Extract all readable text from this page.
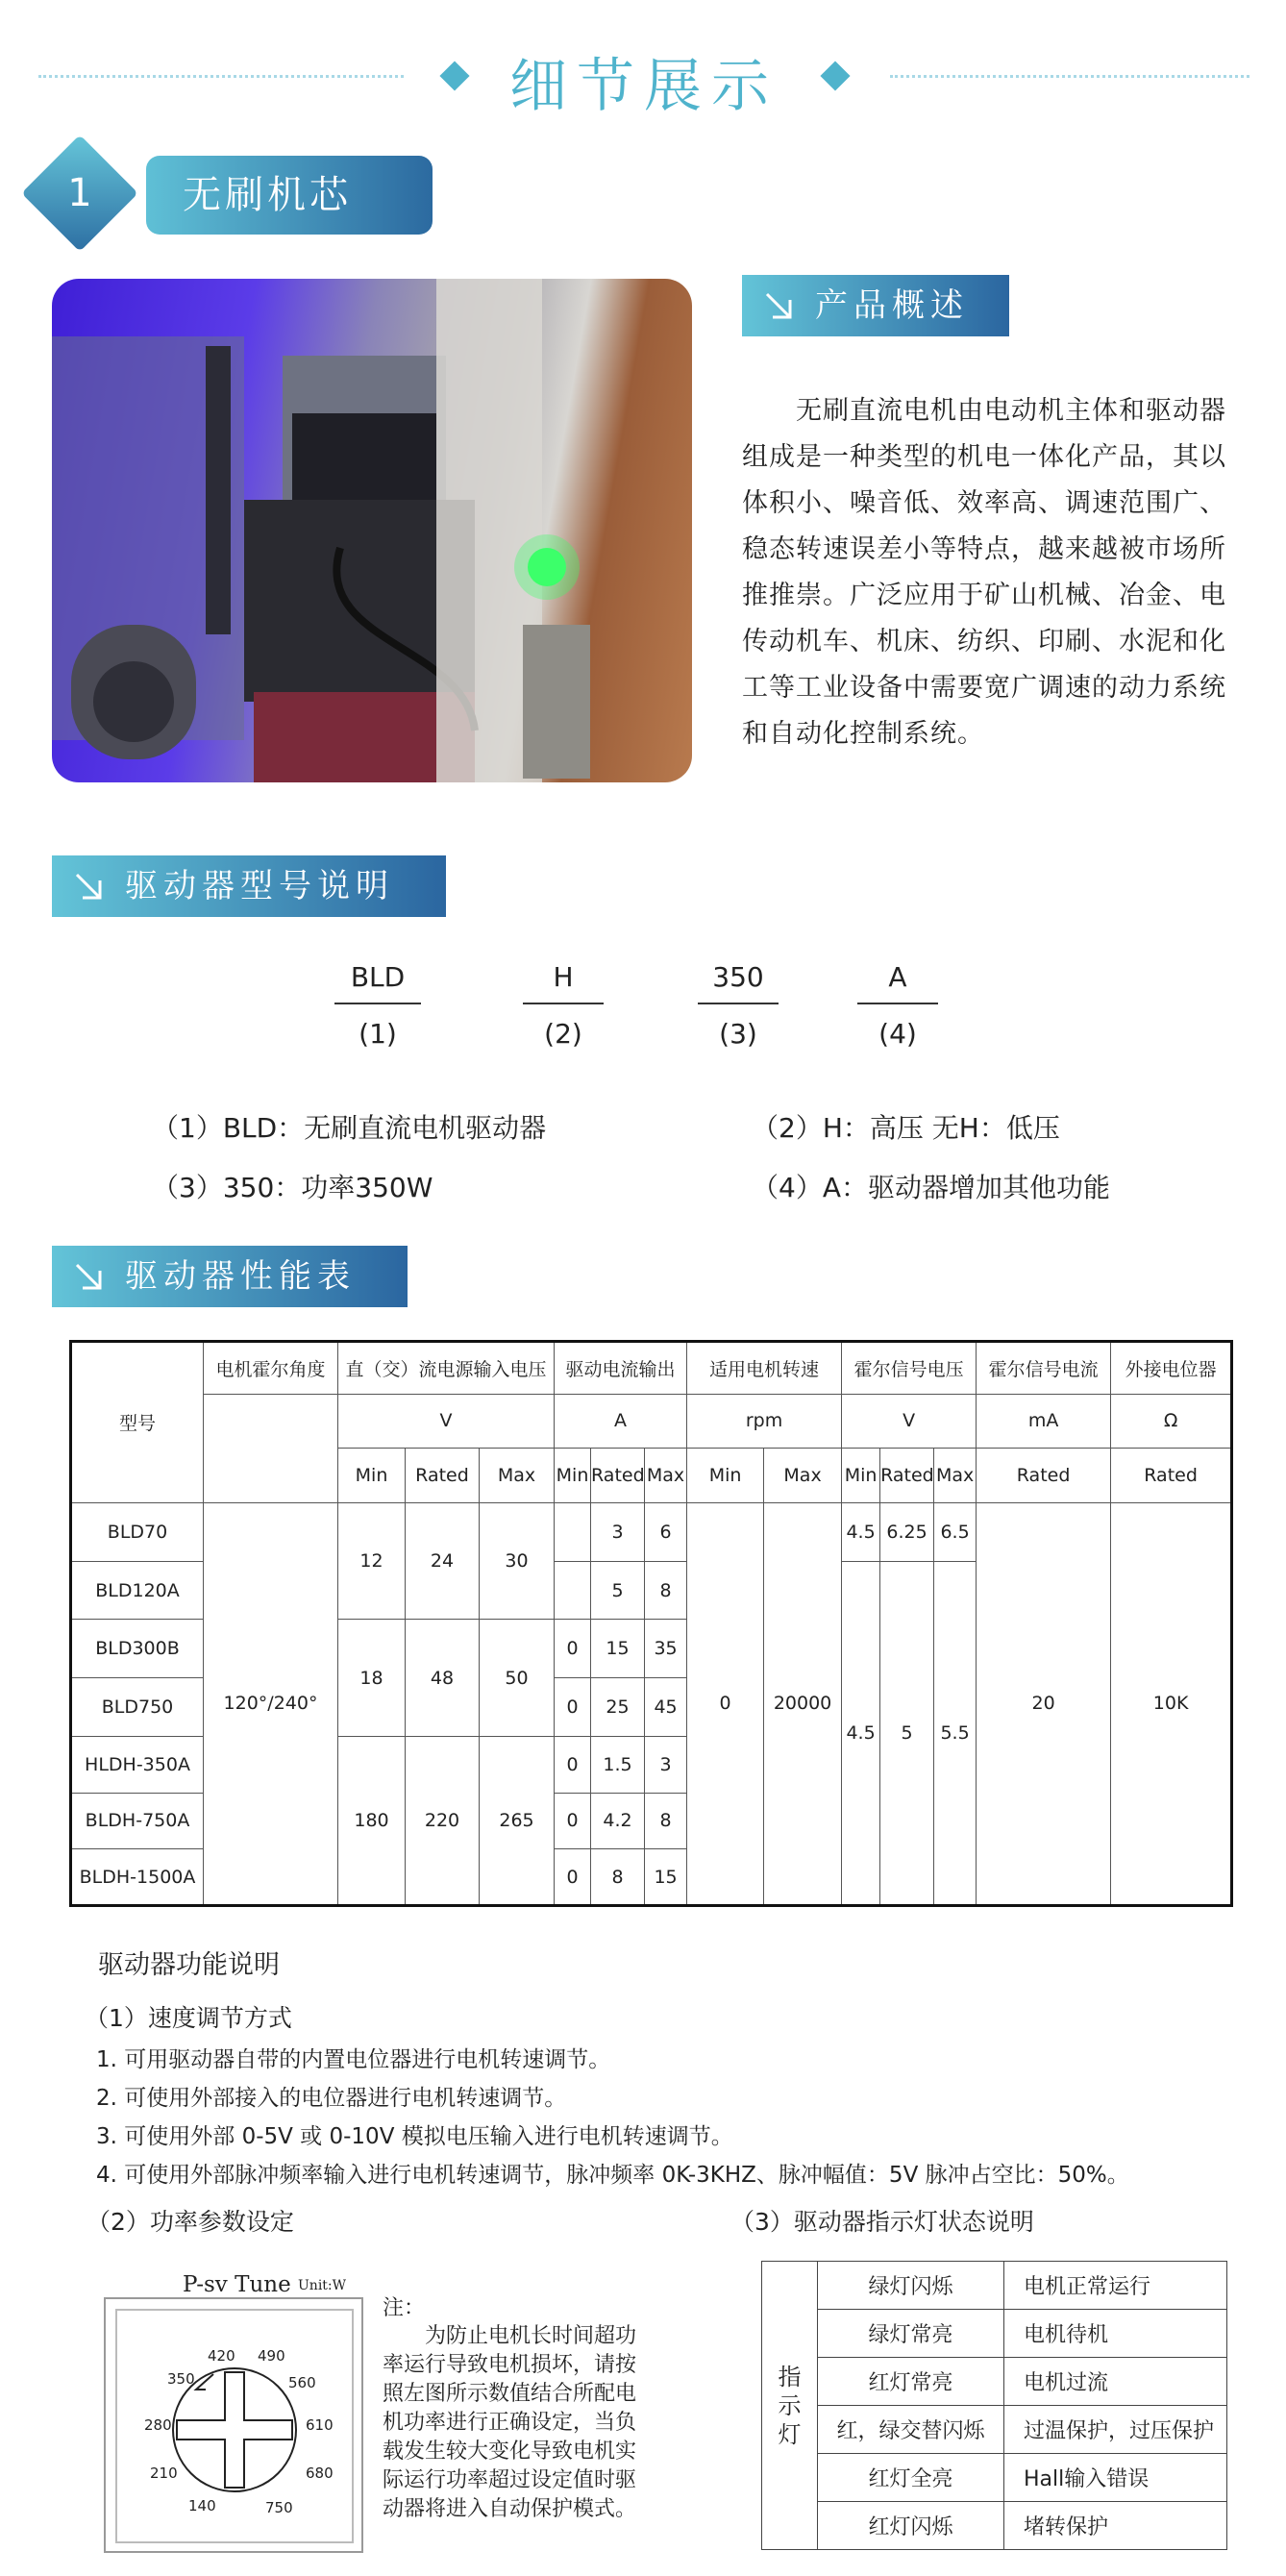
细节展示
1	无刷机芯
产品概述
　　无刷直流电机由电动机主体和驱动器组成是一种类型的机电一体化产品，其以体积小、噪音低、效率高、调速范围广、稳态转速误差小等特点，越来越被市场所推推崇。广泛应用于矿山机械、冶金、电传动机车、机床、纺织、印刷、水泥和化工等工业设备中需要宽广调速的动力系统和自动化控制系统。
驱动器型号说明
BLD
(1)
H
(2)
350
(3)
A
(4)
（1）BLD：无刷直流电机驱动器	（2）H：高压 无H：低压
（3）350：功率350W	（4）A：驱动器增加其他功能
驱动器性能表
型号	电机霍尔角度	直（交）流电源输入电压			驱动电流输出			适用电机转速		霍尔信号电压			霍尔信号电流	外接电位器
		V			A			rpm		V			mA	Ω
		Min	Rated	Max	Min	Rated	Max	Min	Max	Min	Rated	Max	Rated	Rated
BLD70	120°/240°	12	24	30		3	6	0	20000	4.5	6.25	6.5	20	10K
BLD120A						5	8			4.5	5	5.5		
BLD300B		18	48	50	0	15	35							
BLD750					0	25	45							
HLDH-350A		180	220	265	0	1.5	3							
BLDH-750A					0	4.2	8							
BLDH-1500A					0	8	15							
驱动器功能说明
（1）速度调节方式
1. 可用驱动器自带的内置电位器进行电机转速调节。
2. 可使用外部接入的电位器进行电机转速调节。
3. 可使用外部 0-5V 或 0-10V 模拟电压输入进行电机转速调节。
4. 可使用外部脉冲频率输入进行电机转速调节，脉冲频率 0K-3KHZ、脉冲幅值：5V 脉冲占空比：50%。
（2）功率参数设定	（3）驱动器指示灯状态说明
P-sv Tune Unit:W
420 490
350	560
280	610
210	680
140	750
注：
　　为防止电机长时间超功率运行导致电机损坏，请按照左图所示数值结合所配电机功率进行正确设定，当负载发生较大变化导致电机实际运行功率超过设定值时驱动器将进入自动保护模式。
指示灯	绿灯闪烁	电机正常运行
	绿灯常亮	电机待机
	红灯常亮	电机过流
	红，绿交替闪烁	过温保护，过压保护
	红灯全亮	Hall输入错误
	红灯闪烁	堵转保护
